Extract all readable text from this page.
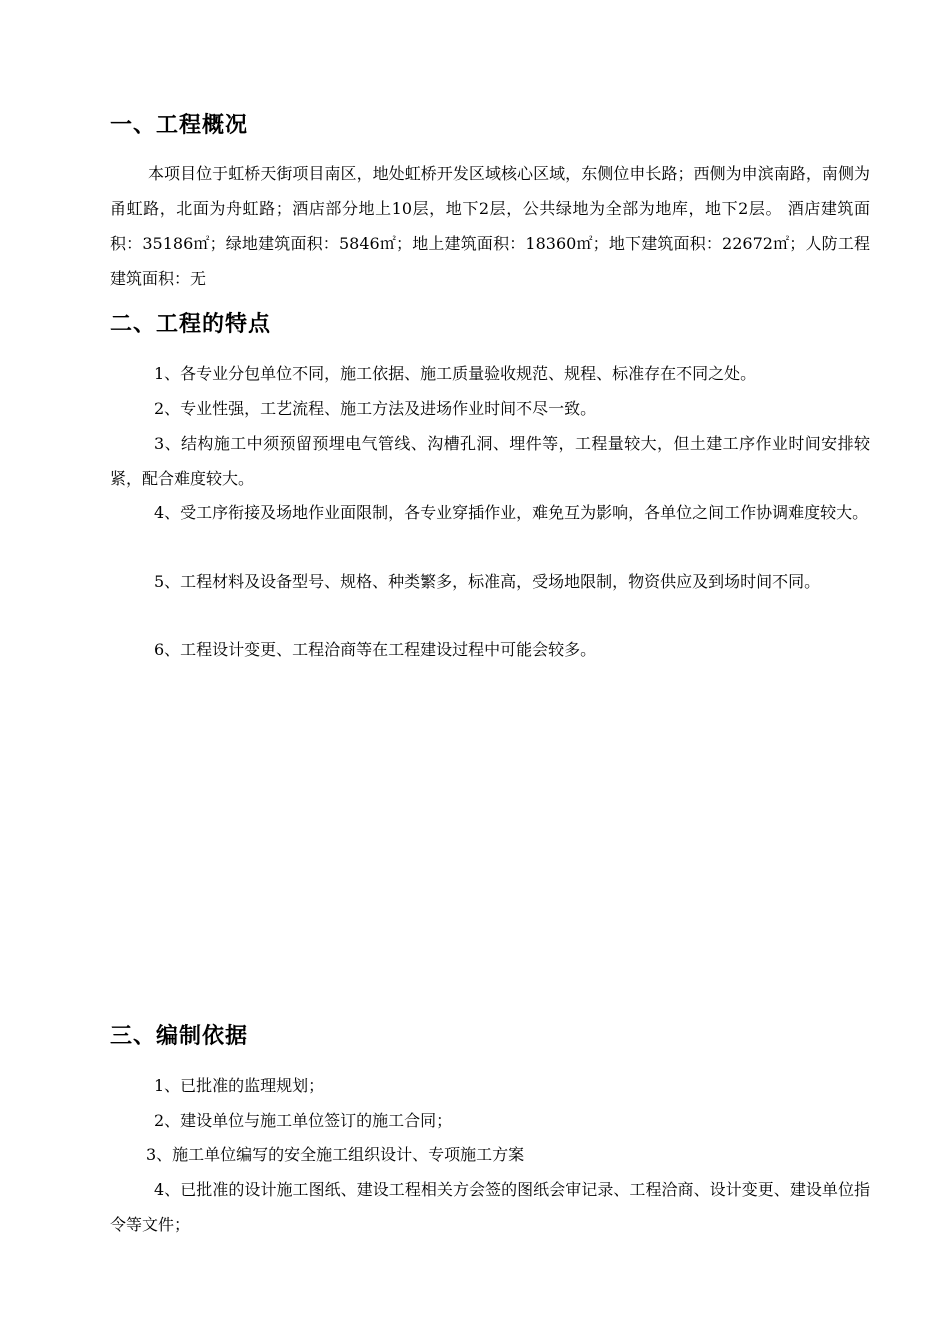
一、工程概况

本项目位于虹桥天街项目南区，地处虹桥开发区域核心区域，东侧位申长路；西侧为申滨南路，南侧为甬虹路，北面为舟虹路；酒店部分地上10层，地下2层，公共绿地为全部为地库，地下2层。 酒店建筑面积：35186㎡；绿地建筑面积：5846㎡；地上建筑面积：18360㎡；地下建筑面积：22672㎡；人防工程建筑面积：无

二、工程的特点

1、各专业分包单位不同，施工依据、施工质量验收规范、规程、标准存在不同之处。

2、专业性强，工艺流程、施工方法及进场作业时间不尽一致。

3、结构施工中须预留预埋电气管线、沟槽孔洞、埋件等，工程量较大，但土建工序作业时间安排较紧，配合难度较大。

4、受工序衔接及场地作业面限制，各专业穿插作业，难免互为影响，各单位之间工作协调难度较大。

5、工程材料及设备型号、规格、种类繁多，标准高，受场地限制，物资供应及到场时间不同。

6、工程设计变更、工程洽商等在工程建设过程中可能会较多。

三、编制依据

1、已批准的监理规划；

2、建设单位与施工单位签订的施工合同；

3、施工单位编写的安全施工组织设计、专项施工方案

4、已批准的设计施工图纸、建设工程相关方会签的图纸会审记录、工程洽商、设计变更、建设单位指令等文件；
